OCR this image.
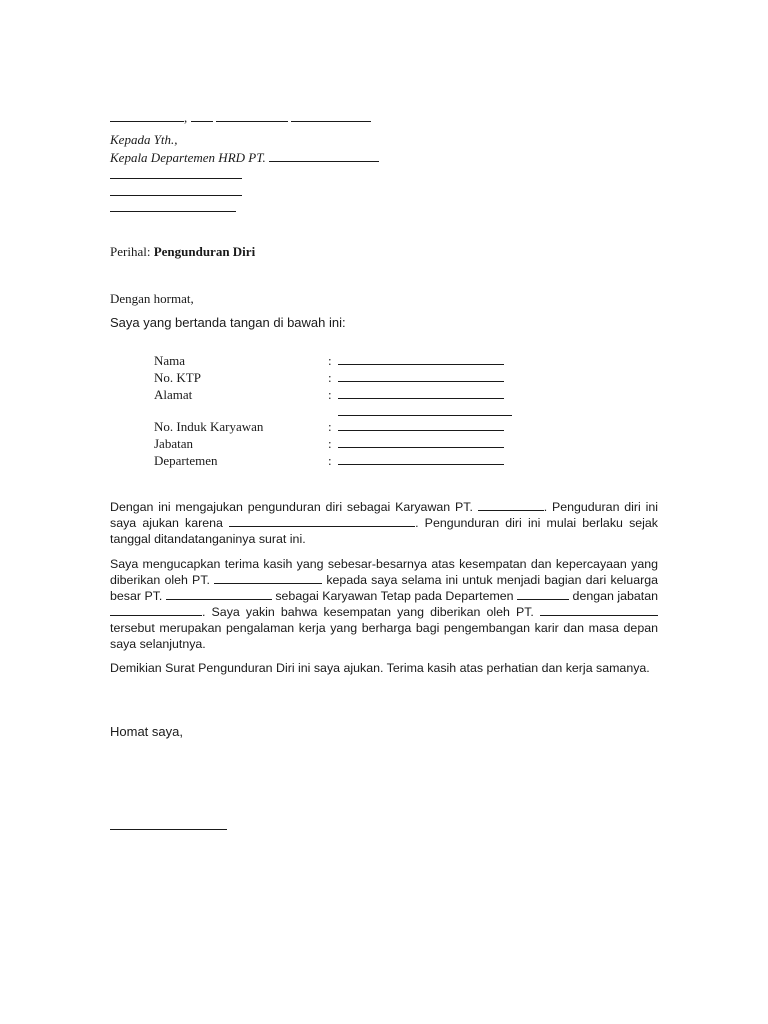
,
Kepada Yth.,
Kepala Departemen HRD PT.
Perihal: Pengunduran Diri
Dengan hormat,
Saya yang bertanda tangan di bawah ini:
Nama	:
No. KTP	:
Alamat	:
No. Induk Karyawan	:
Jabatan	:
Departemen	:
Dengan ini mengajukan pengunduran diri sebagai Karyawan PT.	. Penguduran diri ini saya ajukan karena	. Pengunduran diri ini mulai berlaku sejak tanggal ditandatanganinya surat ini.
Saya mengucapkan terima kasih yang sebesar-besarnya atas kesempatan dan kepercayaan yang diberikan oleh PT.	kepada saya selama ini untuk menjadi bagian dari keluarga besar PT.	sebagai Karyawan Tetap pada Departemen	dengan jabatan . Saya yakin bahwa kesempatan yang diberikan oleh PT.  tersebut merupakan pengalaman kerja yang berharga bagi pengembangan karir dan masa depan saya selanjutnya.
Demikian Surat Pengunduran Diri ini saya ajukan. Terima kasih atas perhatian dan kerja samanya.
Homat saya,
